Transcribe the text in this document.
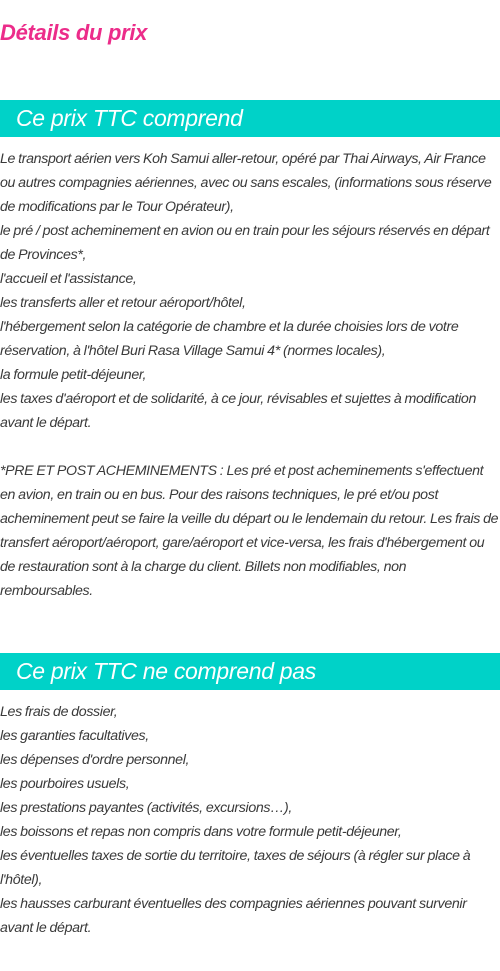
Détails du prix
Ce prix TTC comprend

Le transport aérien vers Koh Samui aller-retour, opéré par Thai Airways, Air France ou autres compagnies aériennes, avec ou sans escales, (informations sous réserve de modifications par le Tour Opérateur),

le pré / post acheminement en avion ou en train pour les séjours réservés en départ de Provinces*,

l'accueil et l'assistance,

les transferts aller et retour aéroport/hôtel,

l'hébergement selon la catégorie de chambre et la durée choisies lors de votre réservation, à l'hôtel Buri Rasa Village Samui 4* (normes locales),

la formule petit-déjeuner,

les taxes d'aéroport et de solidarité, à ce jour, révisables et sujettes à modification avant le départ.

*PRE ET POST ACHEMINEMENTS : Les pré et post acheminements s'effectuent en avion, en train ou en bus. Pour des raisons techniques, le pré et/ou post acheminement peut se faire la veille du départ ou le lendemain du retour. Les frais de transfert aéroport/aéroport, gare/aéroport et vice-versa, les frais d'hébergement ou de restauration sont à la charge du client. Billets non modifiables, non remboursables.

Ce prix TTC ne comprend pas

Les frais de dossier,

les garanties facultatives,

les dépenses d'ordre personnel,

les pourboires usuels,

les prestations payantes (activités, excursions…),

les boissons et repas non compris dans votre formule petit-déjeuner,

les éventuelles taxes de sortie du territoire, taxes de séjours (à régler sur place à l'hôtel),

les hausses carburant éventuelles des compagnies aériennes pouvant survenir avant le départ.
